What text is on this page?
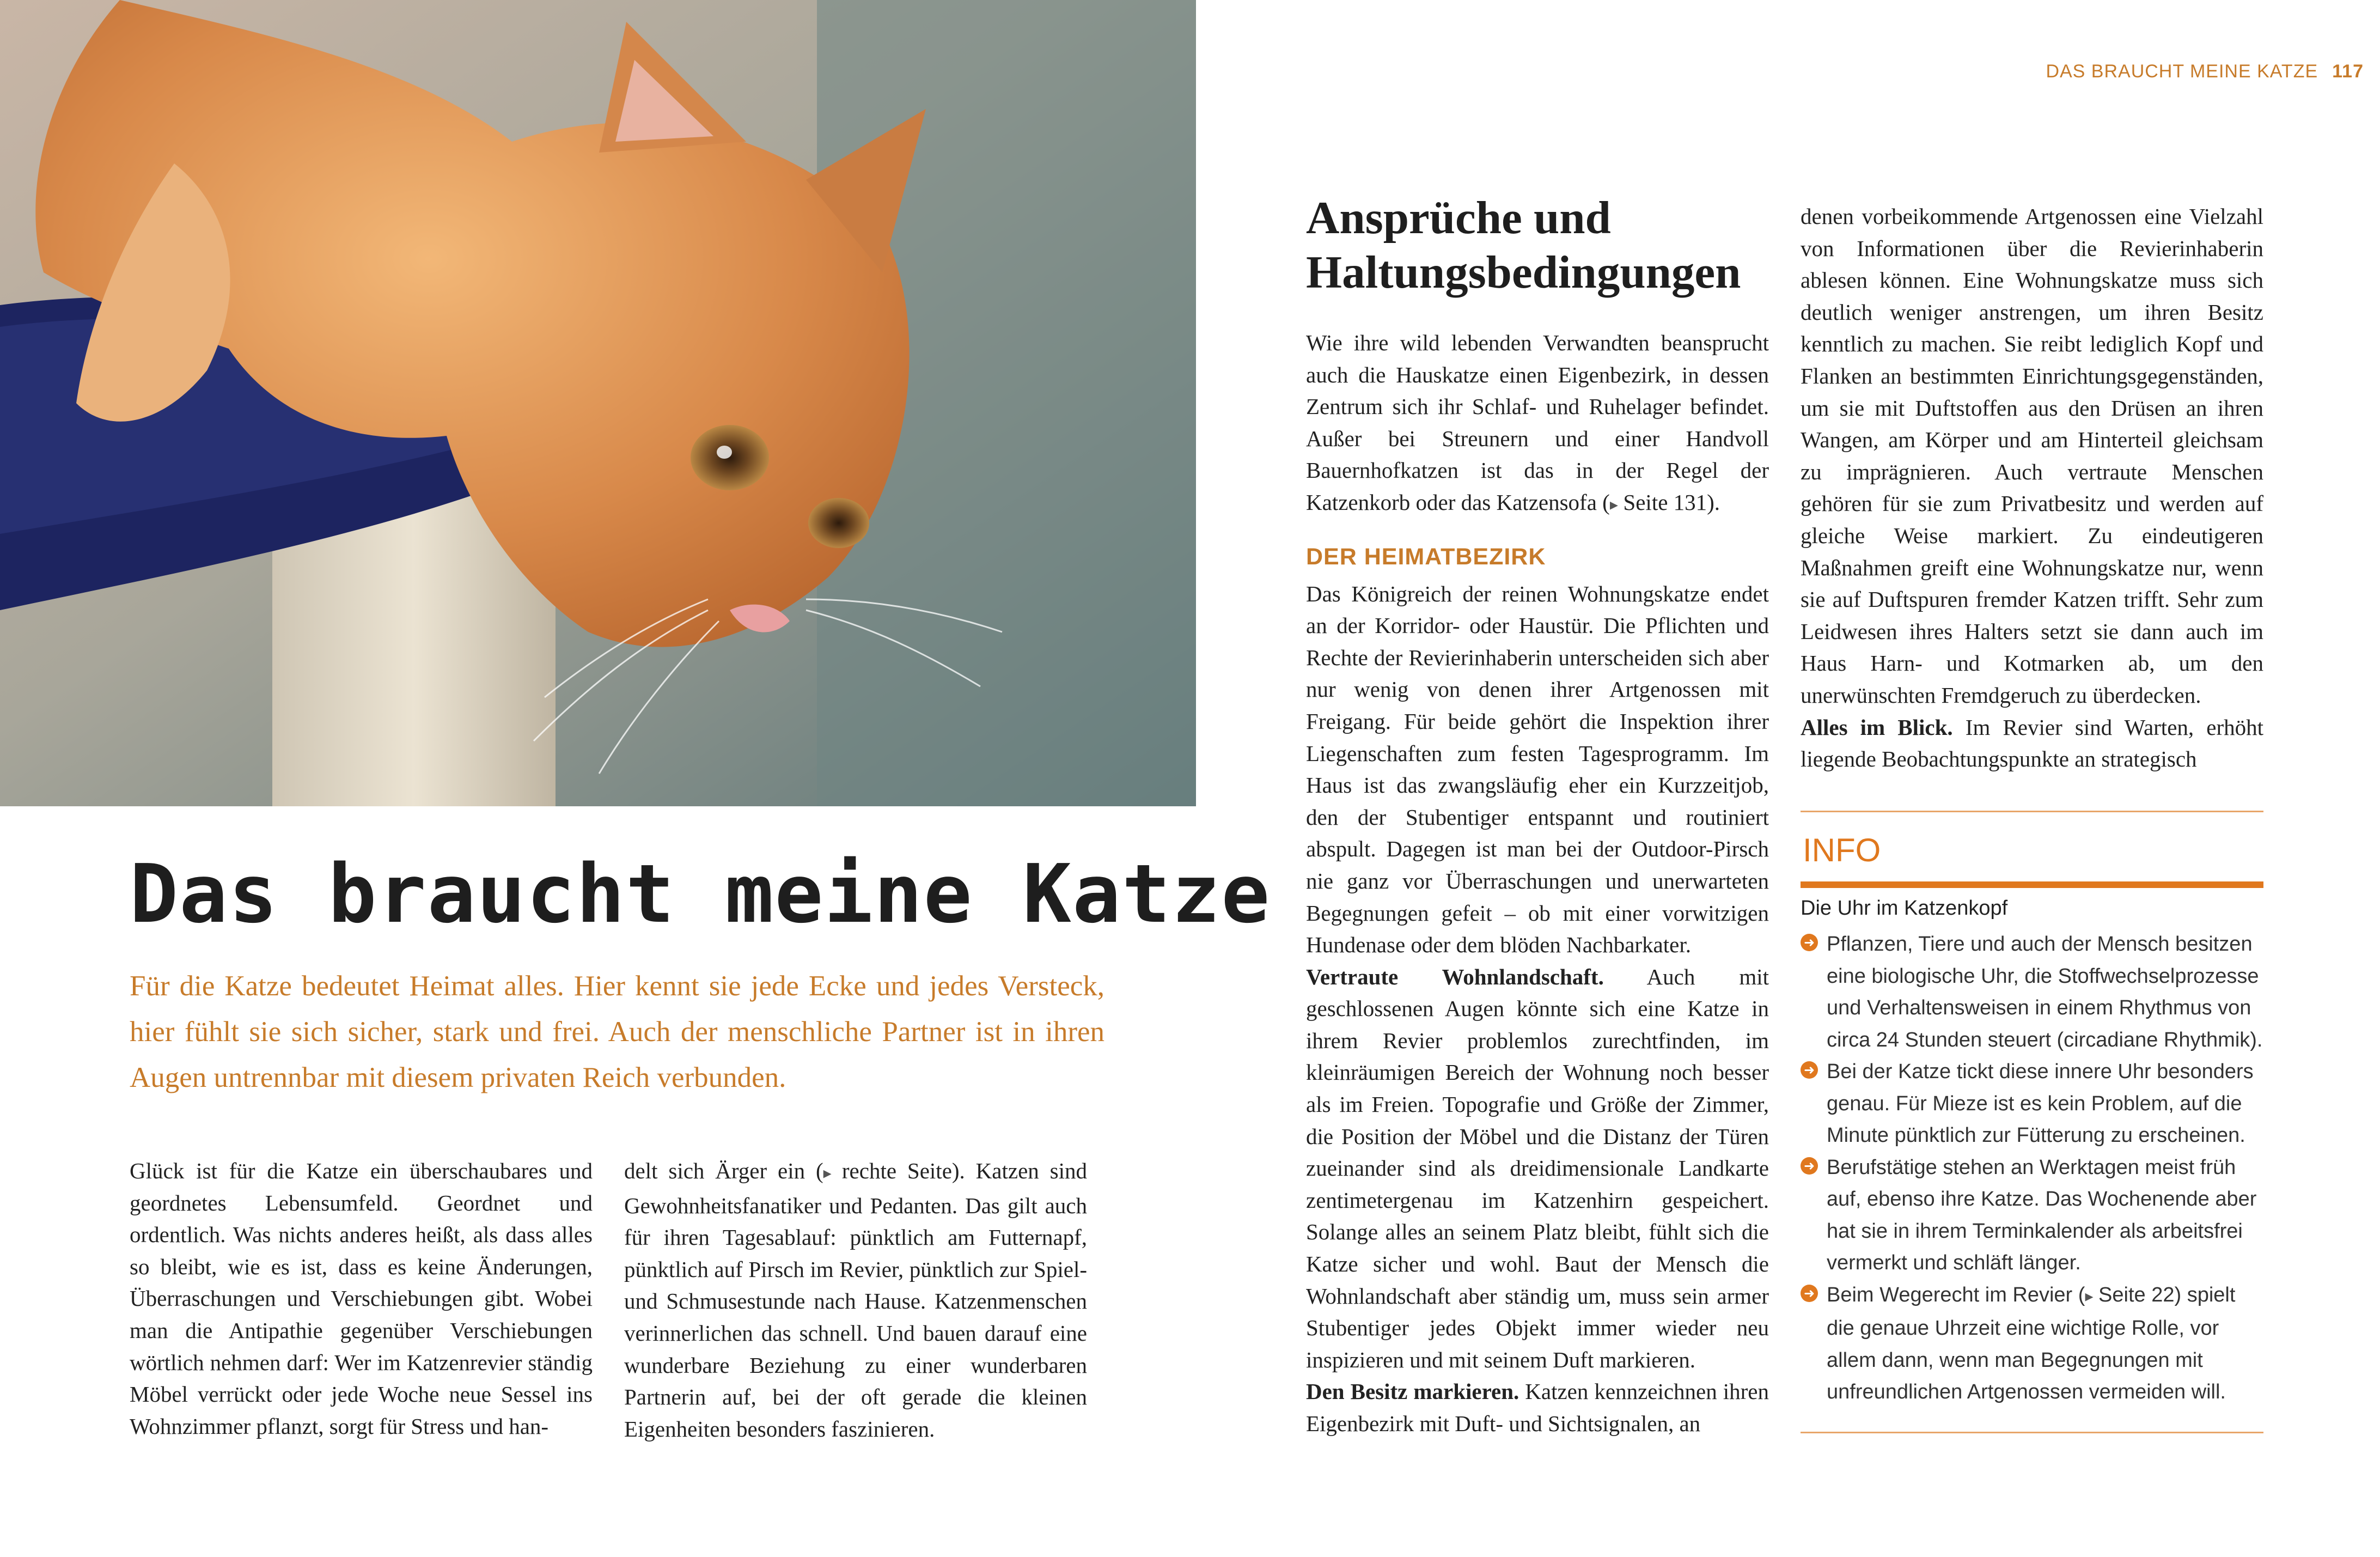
DAS BRAUCHT MEINE KATZE 117
Das braucht meine Katze

Für die Katze bedeutet Heimat alles. Hier kennt sie jede Ecke und jedes Versteck, hier fühlt sie sich sicher, stark und frei. Auch der menschliche Partner ist in ihren Augen untrennbar mit diesem privaten Reich verbunden.

Glück ist für die Katze ein überschaubares und geordnetes Lebensumfeld. Geordnet und ordentlich. Was nichts anderes heißt, als dass alles so bleibt, wie es ist, dass es keine Änderungen, Überraschungen und Verschiebungen gibt. Wobei man die Antipathie gegenüber Verschiebungen wörtlich nehmen darf: Wer im Katzenrevier ständig Möbel verrückt oder jede Woche neue Sessel ins Wohnzimmer pflanzt, sorgt für Stress und han-

delt sich Ärger ein (▸ rechte Seite). Katzen sind Gewohnheitsfanatiker und Pedanten. Das gilt auch für ihren Tagesablauf: pünktlich am Futternapf, pünktlich auf Pirsch im Revier, pünktlich zur Spiel- und Schmusestunde nach Hause. Katzenmenschen verinnerlichen das schnell. Und bauen darauf eine wunderbare Beziehung zu einer wunderbaren Partnerin auf, bei der oft gerade die kleinen Eigenheiten besonders faszinieren.

Ansprüche und
Haltungsbedingungen

Wie ihre wild lebenden Verwandten beansprucht auch die Hauskatze einen Eigenbezirk, in dessen Zentrum sich ihr Schlaf- und Ruhelager befindet. Außer bei Streunern und einer Handvoll Bauernhofkatzen ist das in der Regel der Katzenkorb oder das Katzensofa (▸ Seite 131).

DER HEIMATBEZIRK

Das Königreich der reinen Wohnungskatze endet an der Korridor- oder Haustür. Die Pflichten und Rechte der Revierinhaberin unterscheiden sich aber nur wenig von denen ihrer Artgenossen mit Freigang. Für beide gehört die Inspektion ihrer Liegenschaften zum festen Tagesprogramm. Im Haus ist das zwangsläufig eher ein Kurzzeitjob, den der Stubentiger entspannt und routiniert abspult. Dagegen ist man bei der Outdoor-Pirsch nie ganz vor Überraschungen und unerwarteten Begegnungen gefeit – ob mit einer vorwitzigen Hundenase oder dem blöden Nachbarkater.

Vertraute Wohnlandschaft. Auch mit geschlossenen Augen könnte sich eine Katze in ihrem Revier problemlos zurechtfinden, im kleinräumigen Bereich der Wohnung noch besser als im Freien. Topografie und Größe der Zimmer, die Position der Möbel und die Distanz der Türen zueinander sind als dreidimensionale Landkarte zentimetergenau im Katzenhirn gespeichert. Solange alles an seinem Platz bleibt, fühlt sich die Katze sicher und wohl. Baut der Mensch die Wohnlandschaft aber ständig um, muss sein armer Stubentiger jedes Objekt immer wieder neu inspizieren und mit seinem Duft markieren.

Den Besitz markieren. Katzen kennzeichnen ihren Eigenbezirk mit Duft- und Sichtsignalen, an

denen vorbeikommende Artgenossen eine Vielzahl von Informationen über die Revierinhaberin ablesen können. Eine Wohnungskatze muss sich deutlich weniger anstrengen, um ihren Besitz kenntlich zu machen. Sie reibt lediglich Kopf und Flanken an bestimmten Einrichtungsgegenständen, um sie mit Duftstoffen aus den Drüsen an ihren Wangen, am Körper und am Hinterteil gleichsam zu imprägnieren. Auch vertraute Menschen gehören für sie zum Privatbesitz und werden auf gleiche Weise markiert. Zu eindeutigeren Maßnahmen greift eine Wohnungskatze nur, wenn sie auf Duftspuren fremder Katzen trifft. Sehr zum Leidwesen ihres Halters setzt sie dann auch im Haus Harn- und Kotmarken ab, um den unerwünschten Fremdgeruch zu überdecken.

Alles im Blick. Im Revier sind Warten, erhöht liegende Beobachtungspunkte an strategisch

INFO
Die Uhr im Katzenkopf
➜ Pflanzen, Tiere und auch der Mensch besitzen eine biologische Uhr, die Stoffwechselprozesse und Verhaltensweisen in einem Rhythmus von circa 24 Stunden steuert (circadiane Rhythmik).
➜ Bei der Katze tickt diese innere Uhr besonders genau. Für Mieze ist es kein Problem, auf die Minute pünktlich zur Fütterung zu erscheinen.
➜ Berufstätige stehen an Werktagen meist früh auf, ebenso ihre Katze. Das Wochenende aber hat sie in ihrem Terminkalender als arbeitsfrei vermerkt und schläft länger.
➜ Beim Wegerecht im Revier (▸ Seite 22) spielt die genaue Uhrzeit eine wichtige Rolle, vor allem dann, wenn man Begegnungen mit unfreundlichen Artgenossen vermeiden will.
